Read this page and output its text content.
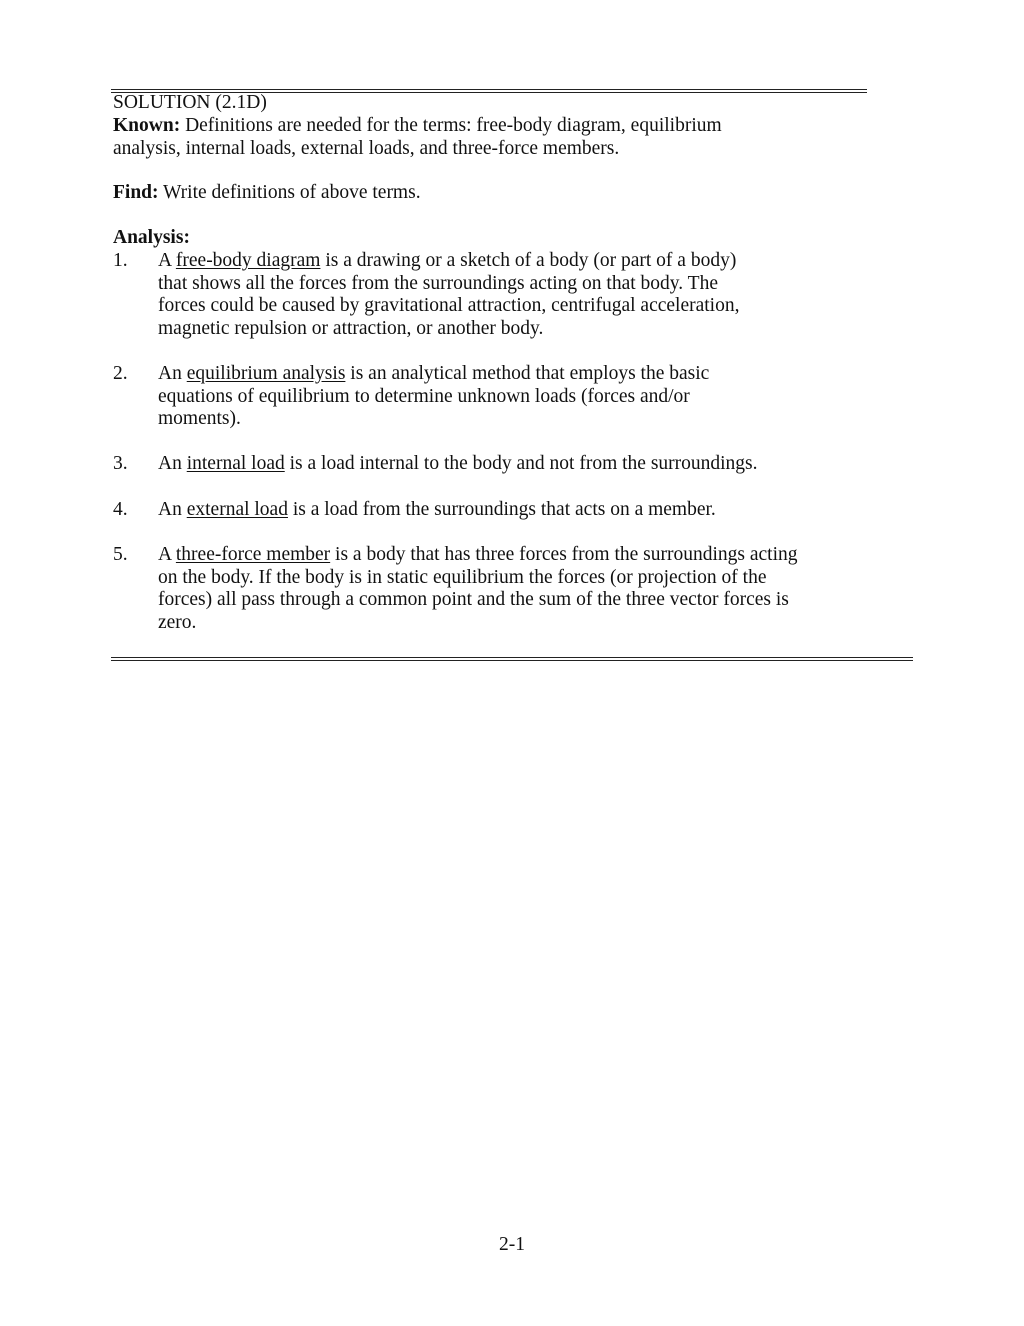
SOLUTION (2.1D)
Known: Definitions are needed for the terms: free-body diagram, equilibrium
analysis, internal loads, external loads, and three-force members.
Find: Write definitions of above terms.
Analysis:
1.	A free-body diagram is a drawing or a sketch of a body (or part of a body)
that shows all the forces from the surroundings acting on that body. The
forces could be caused by gravitational attraction, centrifugal acceleration,
magnetic repulsion or attraction, or another body.
2.	An equilibrium analysis is an analytical method that employs the basic
equations of equilibrium to determine unknown loads (forces and/or
moments).
3.	An internal load is a load internal to the body and not from the surroundings.
4.	An external load is a load from the surroundings that acts on a member.
5.	A three-force member is a body that has three forces from the surroundings acting
on the body. If the body is in static equilibrium the forces (or projection of the
forces) all pass through a common point and the sum of the three vector forces is
zero.
2-1
